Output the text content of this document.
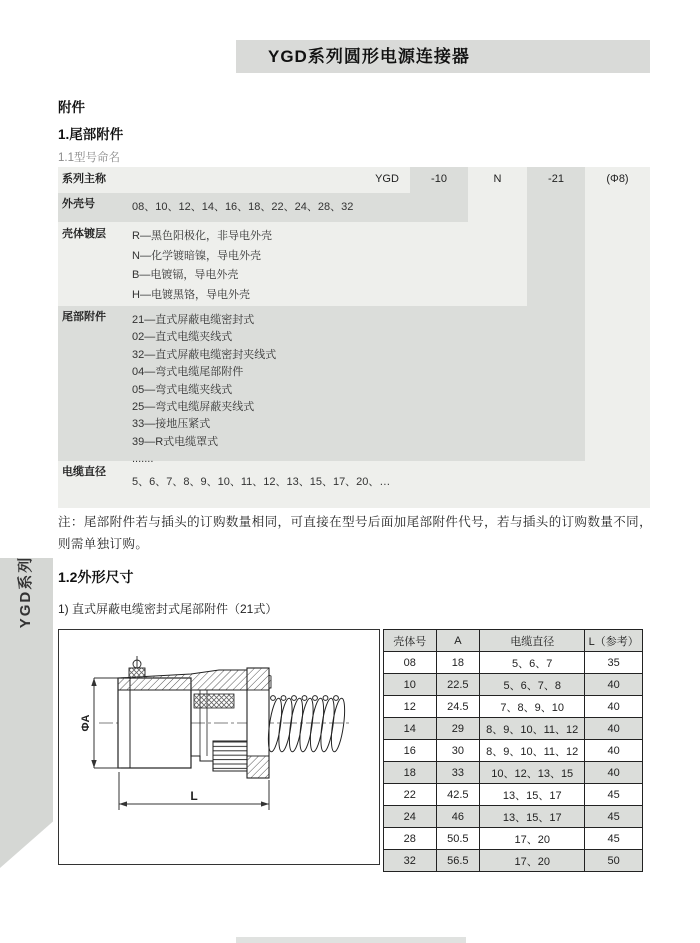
YGD系列圆形电源连接器
附件
1.尾部附件
1.1型号命名
系列主称	YGD	-10	N	-21	(Φ8)
外壳号	08、10、12、14、16、18、22、24、28、32
壳体镀层 R—黑色阳极化，非导电外壳
N—化学镀暗镍，导电外壳
B—电镀镉，导电外壳
H—电镀黑铬，导电外壳
尾部附件 21—直式屏蔽电缆密封式
02—直式电缆夹线式
32—直式屏蔽电缆密封夹线式
04—弯式电缆尾部附件
05—弯式电缆夹线式
25—弯式电缆屏蔽夹线式
33—接地压紧式
39—R式电缆罩式
.......
电缆直径
5、6、7、8、9、10、11、12、13、15、17、20、…
注：尾部附件若与插头的订购数量相同，可直接在型号后面加尾部附件代号，若与插头的订购数量不同，则需单独订购。
1.2外形尺寸
1) 直式屏蔽电缆密封式尾部附件（21式）
ΦA
L
壳体号	A	电缆直径	L（参考）
08	18	5、6、7	35
10	22.5	5、6、7、8	40
12	24.5	7、8、9、10	40
14	29	8、9、10、11、12	40
16	30	8、9、10、11、12	40
18	33	10、12、13、15	40
22	42.5	13、15、17	45
24	46	13、15、17	45
28	50.5	17、20	45
32	56.5	17、20	50
YGD系列
